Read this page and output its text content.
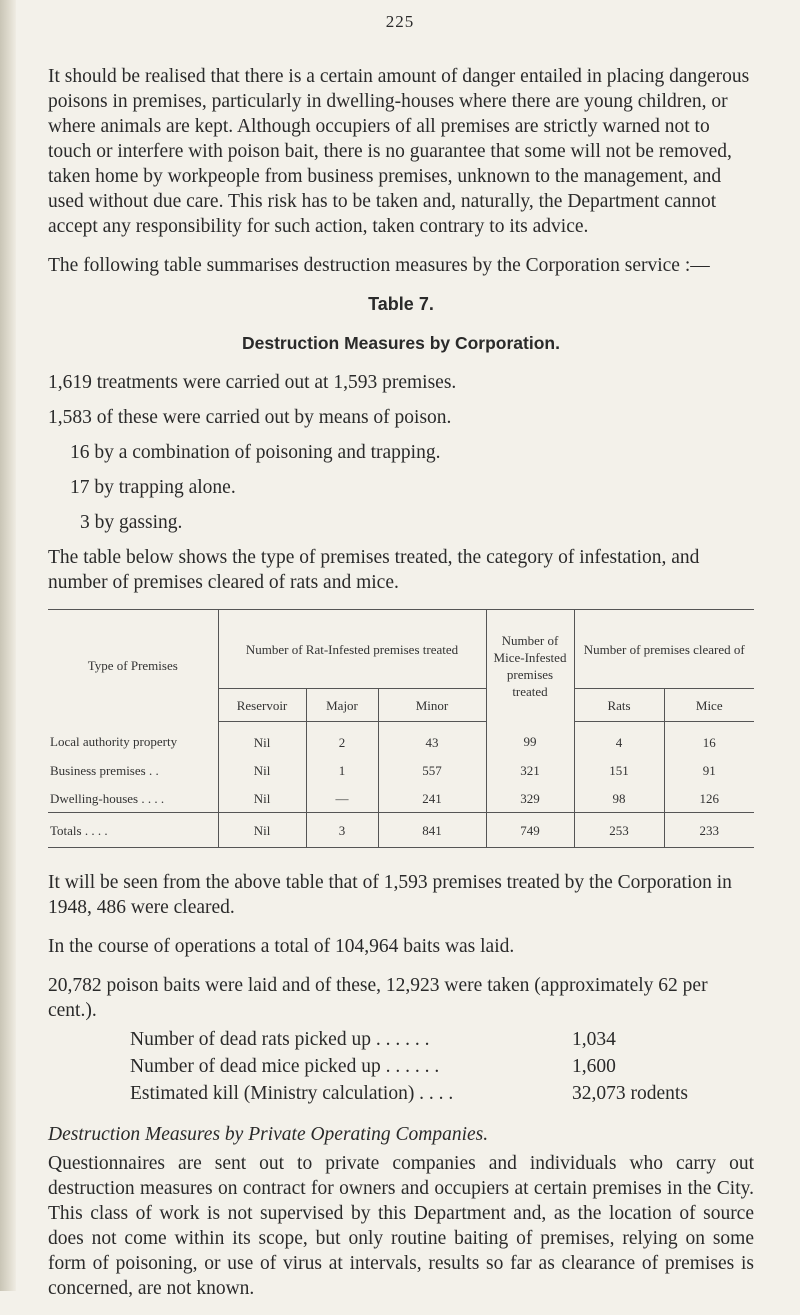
225

It should be realised that there is a certain amount of danger entailed in placing dangerous poisons in premises, particularly in dwelling-houses where there are young children, or where animals are kept. Although occupiers of all premises are strictly warned not to touch or interfere with poison bait, there is no guarantee that some will not be removed, taken home by workpeople from business premises, unknown to the management, and used without due care. This risk has to be taken and, naturally, the Department cannot accept any responsibility for such action, taken contrary to its advice.

The following table summarises destruction measures by the Corporation service :—

Table 7.
Destruction Measures by Corporation.
1,619 treatments were carried out at 1,593 premises.
1,583 of these were carried out by means of poison.
16 by a combination of poisoning and trapping.
17 by trapping alone.
3 by gassing.

The table below shows the type of premises treated, the category of infestation, and number of premises cleared of rats and mice.

Type of Premises	Number of Rat-Infested premises treated			Number of Mice-Infested premises treated	Number of premises cleared of	
	Reservoir	Major	Minor		Rats	Mice
Local authority property	Nil	2	43	99	4	16
Business premises . .	Nil	1	557	321	151	91
Dwelling-houses . . . .	Nil	—	241	329	98	126
Totals . . . .	Nil	3	841	749	253	233

It will be seen from the above table that of 1,593 premises treated by the Corporation in 1948, 486 were cleared.

In the course of operations a total of 104,964 baits was laid.

20,782 poison baits were laid and of these, 12,923 were taken (approximately 62 per cent.).

Number of dead rats picked up . . . . . .	1,034
Number of dead mice picked up . . . . . .	1,600
Estimated kill (Ministry calculation) . . . .	32,073 rodents
Destruction Measures by Private Operating Companies.

Questionnaires are sent out to private companies and individuals who carry out destruction measures on contract for owners and occupiers at certain premises in the City. This class of work is not supervised by this Department and, as the location of source does not come within its scope, but only routine baiting of premises, relying on some form of poisoning, or use of virus at intervals, results so far as clearance of premises is concerned, are not known.
